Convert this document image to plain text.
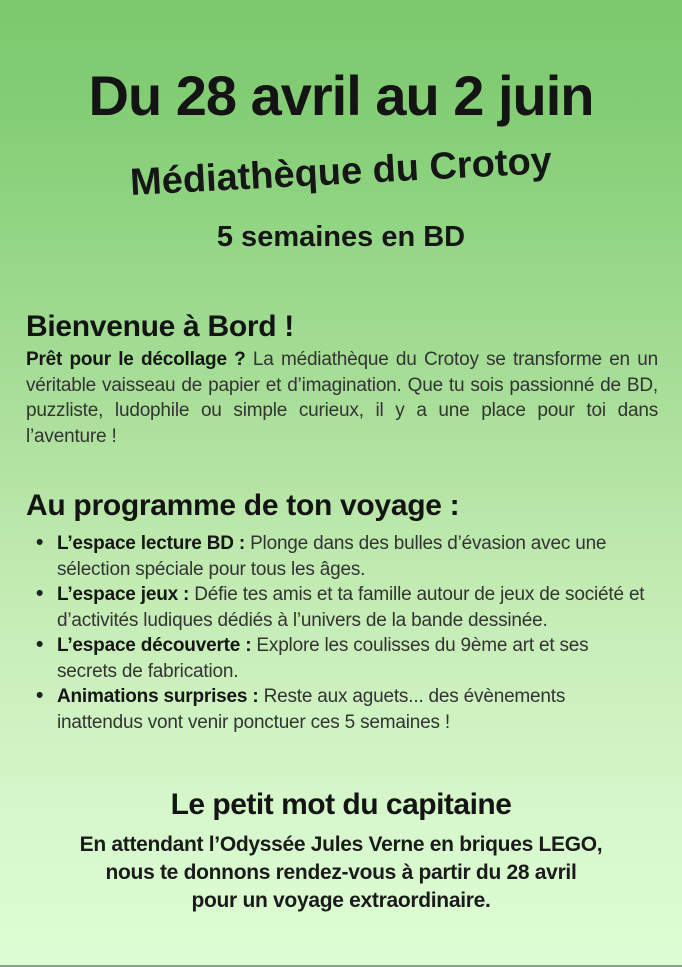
Du 28 avril au 2 juin
Médiathèque du Crotoy
5 semaines en BD
Bienvenue à Bord !

Prêt pour le décollage ? La médiathèque du Crotoy se transforme en un véritable vaisseau de papier et d’imagination. Que tu sois passionné de BD, puzzliste, ludophile ou simple curieux, il y a une place pour toi dans l’aventure !

Au programme de ton voyage :
• L’espace lecture BD : Plonge dans des bulles d’évasion avec une sélection spéciale pour tous les âges.
• L’espace jeux : Défie tes amis et ta famille autour de jeux de société et d’activités ludiques dédiés à l’univers de la bande dessinée.
• L’espace découverte : Explore les coulisses du 9ème art et ses secrets de fabrication.
• Animations surprises : Reste aux aguets... des évènements inattendus vont venir ponctuer ces 5 semaines !
Le petit mot du capitaine
En attendant l’Odyssée Jules Verne en briques LEGO,
nous te donnons rendez-vous à partir du 28 avril
pour un voyage extraordinaire.
